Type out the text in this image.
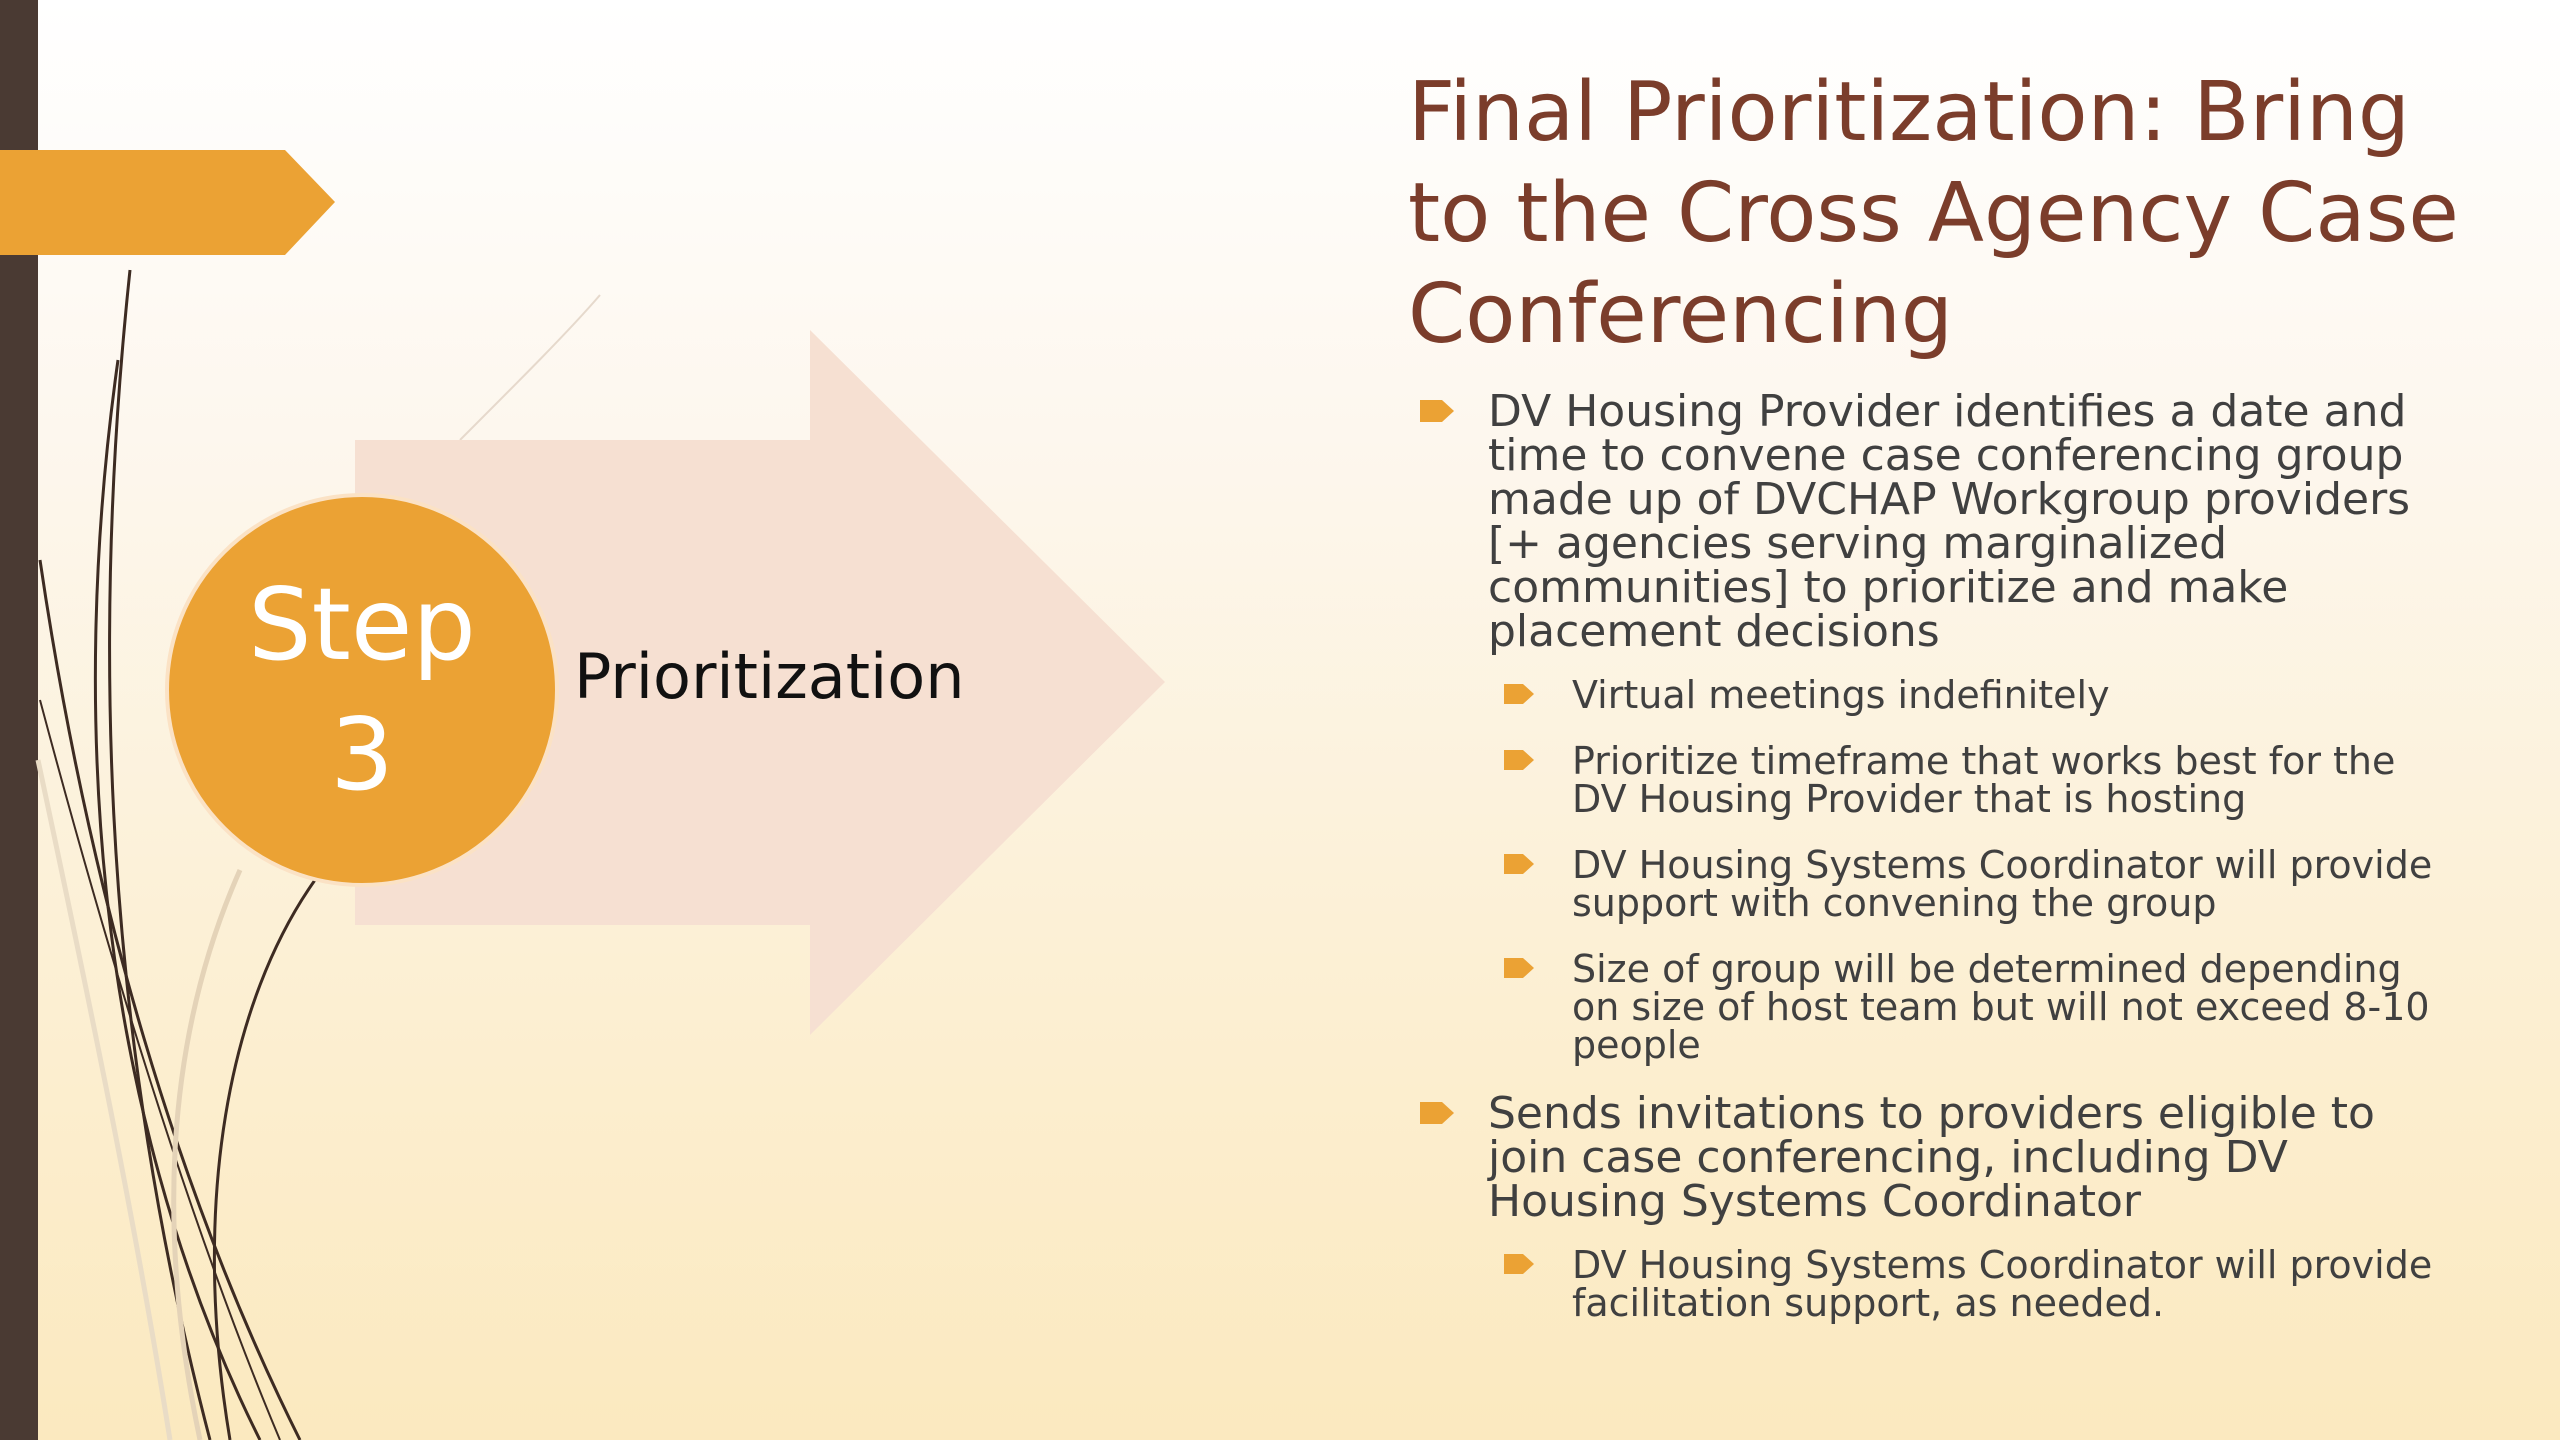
Step
3
Prioritization
Final Prioritization: Bring to the Cross Agency Case Conferencing
DV Housing Provider identifies a date and time to convene case conferencing group made up of DVCHAP Workgroup providers [+ agencies serving marginalized communities] to prioritize and make placement decisions
Virtual meetings indefinitely
Prioritize timeframe that works best for the DV Housing Provider that is hosting
DV Housing Systems Coordinator will provide support with convening the group
Size of group will be determined depending on size of host team but will not exceed 8-10 people
Sends invitations to providers eligible to join case conferencing, including DV Housing Systems Coordinator
DV Housing Systems Coordinator will provide facilitation support, as needed.
